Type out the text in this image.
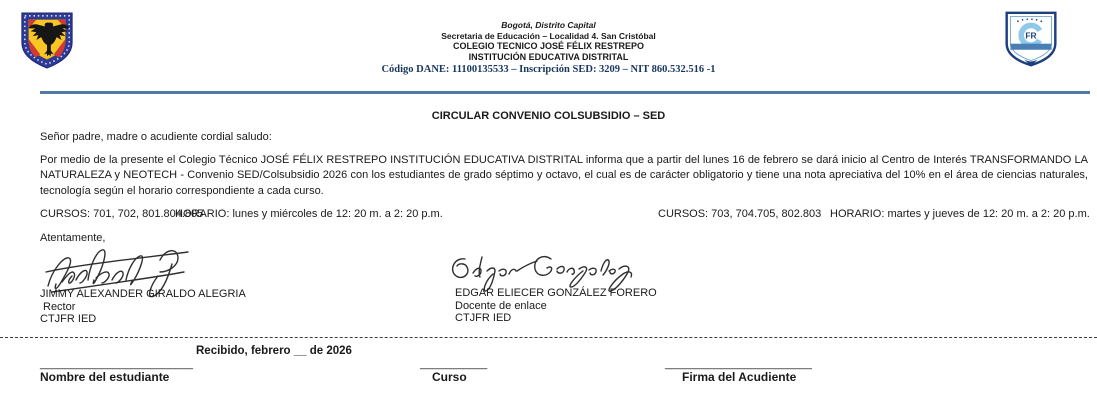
Bogotá, Distrito Capital
Secretaria de Educación – Localidad 4. San Cristóbal
COLEGIO TECNICO JOSÉ FÉLIX RESTREPO
INSTITUCIÓN EDUCATIVA DISTRITAL
Código DANE: 11100135533 – Inscripción SED: 3209 – NIT 860.532.516 -1
FR
CIRCULAR CONVENIO COLSUBSIDIO – SED
Señor padre, madre o acudiente cordial saludo:
Por medio de la presente el Colegio Técnico JOSÉ FÉLIX RESTREPO INSTITUCIÓN EDUCATIVA DISTRITAL informa que a partir del lunes 16 de febrero se dará inicio al Centro de Interés TRANSFORMANDO LA NATURALEZA y NEOTECH - Convenio SED/Colsubsidio 2026 con los estudiantes de grado séptimo y octavo, el cual es de carácter obligatorio y tiene una nota apreciativa del 10% en el área de ciencias naturales, tecnología según el horario correspondiente a cada curso.
CURSOS: 701, 702, 801.804.805
HORARIO: lunes y miércoles de 12: 20 m. a 2: 20 p.m.	CURSOS: 703, 704.705, 802.803 HORARIO: martes y jueves de 12: 20 m. a 2: 20 p.m.
Atentamente,
JIMMY ALEXANDER GIRALDO ALEGRIA
Rector
CTJFR IED
EDGAR ELIECER GONZÁLEZ FORERO
Docente de enlace
CTJFR IED
Recibido, febrero __ de 2026
_________________________
Nombre del estudiante
___________
Curso
________________________
Firma del Acudiente
